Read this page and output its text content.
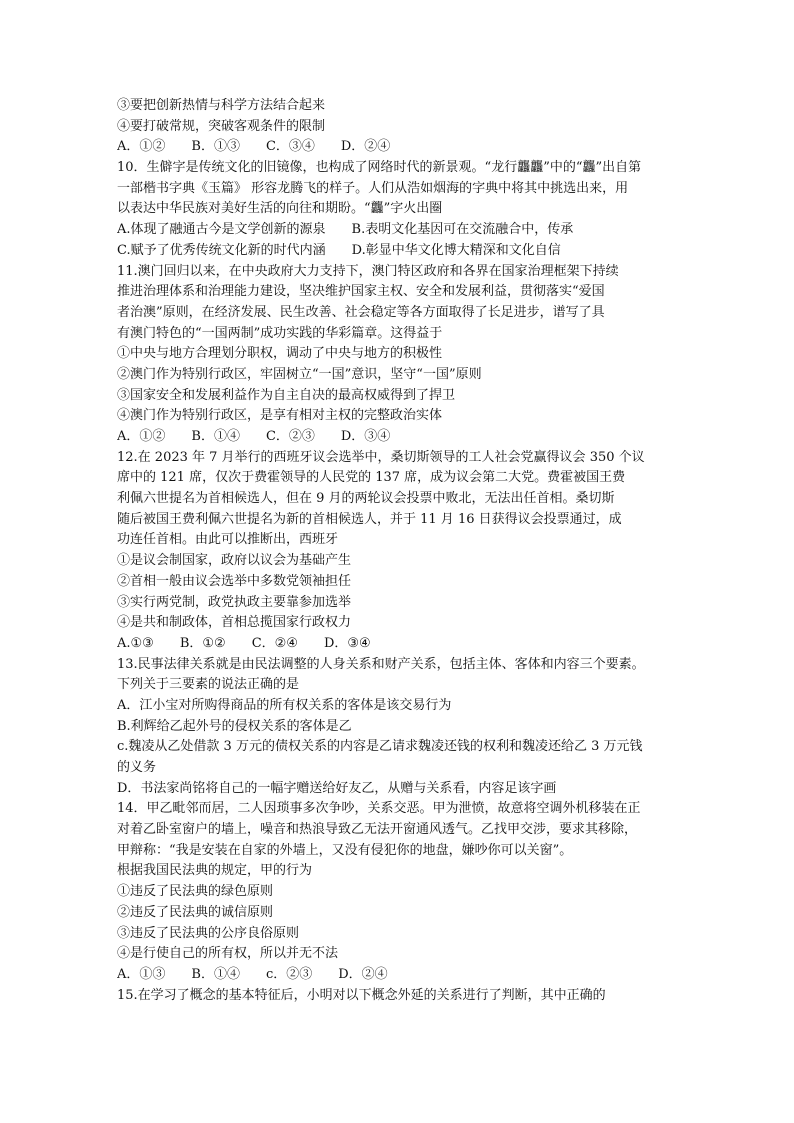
③要把创新热情与科学方法结合起来
④要打破常规，突破客观条件的限制
A．①②　　B．①③　　C．③④　　D．②④
10．生僻字是传统文化的旧镜像，也构成了网络时代的新景观。“龙行龘龘”中的“龘”出自第
一部楷书字典《玉篇》 形容龙腾飞的样子。人们从浩如烟海的字典中将其中挑选出来，用
以表达中华民族对美好生活的向往和期盼。“龘”字火出圈
A.体现了融通古今是文学创新的源泉　　B.表明文化基因可在交流融合中，传承
C.赋予了优秀传统文化新的时代内涵　　D.彰显中华文化博大精深和文化自信
11.澳门回归以来，在中央政府大力支持下，澳门特区政府和各界在国家治理框架下持续
推进治理体系和治理能力建设，坚决维护国家主权、安全和发展利益，贯彻落实“爱国
者治澳”原则，在经济发展、民生改善、社会稳定等各方面取得了长足进步，谱写了具
有澳门特色的“一国两制”成功实践的华彩篇章。这得益于
①中央与地方合理划分职权，调动了中央与地方的积极性
②澳门作为特别行政区，牢固树立“一国”意识，坚守“一国”原则
③国家安全和发展利益作为自主自决的最高权威得到了捍卫
④澳门作为特别行政区，是享有相对主权的完整政治实体
A．①②　　B．①④　　C．②③　　D．③④
12.在 2023 年 7 月举行的西班牙议会选举中，桑切斯领导的工人社会党赢得议会 350 个议
席中的 121 席，仅次于费霍领导的人民党的 137 席，成为议会第二大党。费霍被国王费
利佩六世提名为首相候选人，但在 9 月的两轮议会投票中败北，无法出任首相。桑切斯
随后被国王费利佩六世提名为新的首相候选人，并于 11 月 16 日获得议会投票通过，成
功连任首相。由此可以推断出，西班牙
①是议会制国家，政府以议会为基础产生
②首相一般由议会选举中多数党领袖担任
③实行两党制，政党执政主要靠参加选举
④是共和制政体，首相总揽国家行政权力
A.①③　　B．①②　　C．②④　　D．③④
13.民事法律关系就是由民法调整的人身关系和财产关系，包括主体、客体和内容三个要素。
下列关于三要素的说法正确的是
A．江小宝对所购得商品的所有权关系的客体是该交易行为
B.利辉给乙起外号的侵权关系的客体是乙
c.魏凌从乙处借款 3 万元的债权关系的内容是乙请求魏凌还钱的权利和魏凌还给乙 3 万元钱
的义务
D．书法家尚铭将自己的一幅字赠送给好友乙，从赠与关系看，内容足该字画
14．甲乙毗邻而居，二人因琐事多次争吵，关系交恶。甲为泄愤，故意将空调外机移装在正
对着乙卧室窗户的墙上，噪音和热浪导致乙无法开窗通风透气。乙找甲交涉，要求其移除，
甲辩称：“我是安装在自家的外墙上，又没有侵犯你的地盘，嫌吵你可以关窗”。
根据我国民法典的规定，甲的行为
①违反了民法典的绿色原则
②违反了民法典的诚信原则
③违反了民法典的公序良俗原则
④是行使自己的所有权，所以并无不法
A．①③　　B．①④　　c．②③　　D．②④
15.在学习了概念的基本特征后，小明对以下概念外延的关系进行了判断，其中正确的
